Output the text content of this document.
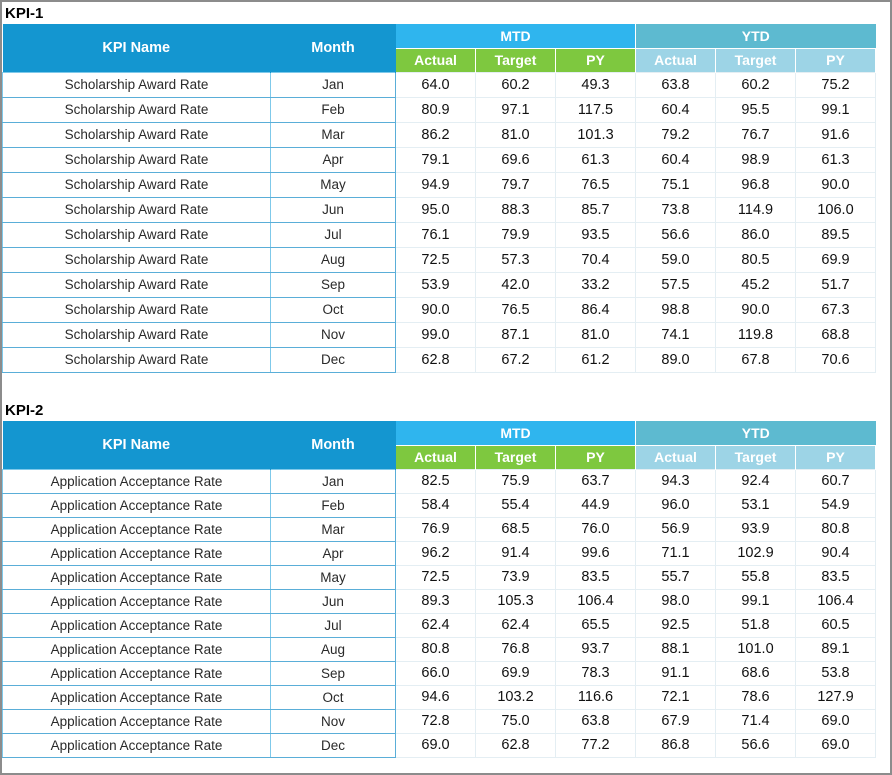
KPI-1
KPI Name	Month	MTD			YTD		
		Actual	Target	PY	Actual	Target	PY
Scholarship Award Rate	Jan	64.0	60.2	49.3	63.8	60.2	75.2
Scholarship Award Rate	Feb	80.9	97.1	117.5	60.4	95.5	99.1
Scholarship Award Rate	Mar	86.2	81.0	101.3	79.2	76.7	91.6
Scholarship Award Rate	Apr	79.1	69.6	61.3	60.4	98.9	61.3
Scholarship Award Rate	May	94.9	79.7	76.5	75.1	96.8	90.0
Scholarship Award Rate	Jun	95.0	88.3	85.7	73.8	114.9	106.0
Scholarship Award Rate	Jul	76.1	79.9	93.5	56.6	86.0	89.5
Scholarship Award Rate	Aug	72.5	57.3	70.4	59.0	80.5	69.9
Scholarship Award Rate	Sep	53.9	42.0	33.2	57.5	45.2	51.7
Scholarship Award Rate	Oct	90.0	76.5	86.4	98.8	90.0	67.3
Scholarship Award Rate	Nov	99.0	87.1	81.0	74.1	119.8	68.8
Scholarship Award Rate	Dec	62.8	67.2	61.2	89.0	67.8	70.6
KPI-2
KPI Name	Month	MTD			YTD		
		Actual	Target	PY	Actual	Target	PY
Application Acceptance Rate	Jan	82.5	75.9	63.7	94.3	92.4	60.7
Application Acceptance Rate	Feb	58.4	55.4	44.9	96.0	53.1	54.9
Application Acceptance Rate	Mar	76.9	68.5	76.0	56.9	93.9	80.8
Application Acceptance Rate	Apr	96.2	91.4	99.6	71.1	102.9	90.4
Application Acceptance Rate	May	72.5	73.9	83.5	55.7	55.8	83.5
Application Acceptance Rate	Jun	89.3	105.3	106.4	98.0	99.1	106.4
Application Acceptance Rate	Jul	62.4	62.4	65.5	92.5	51.8	60.5
Application Acceptance Rate	Aug	80.8	76.8	93.7	88.1	101.0	89.1
Application Acceptance Rate	Sep	66.0	69.9	78.3	91.1	68.6	53.8
Application Acceptance Rate	Oct	94.6	103.2	116.6	72.1	78.6	127.9
Application Acceptance Rate	Nov	72.8	75.0	63.8	67.9	71.4	69.0
Application Acceptance Rate	Dec	69.0	62.8	77.2	86.8	56.6	69.0
